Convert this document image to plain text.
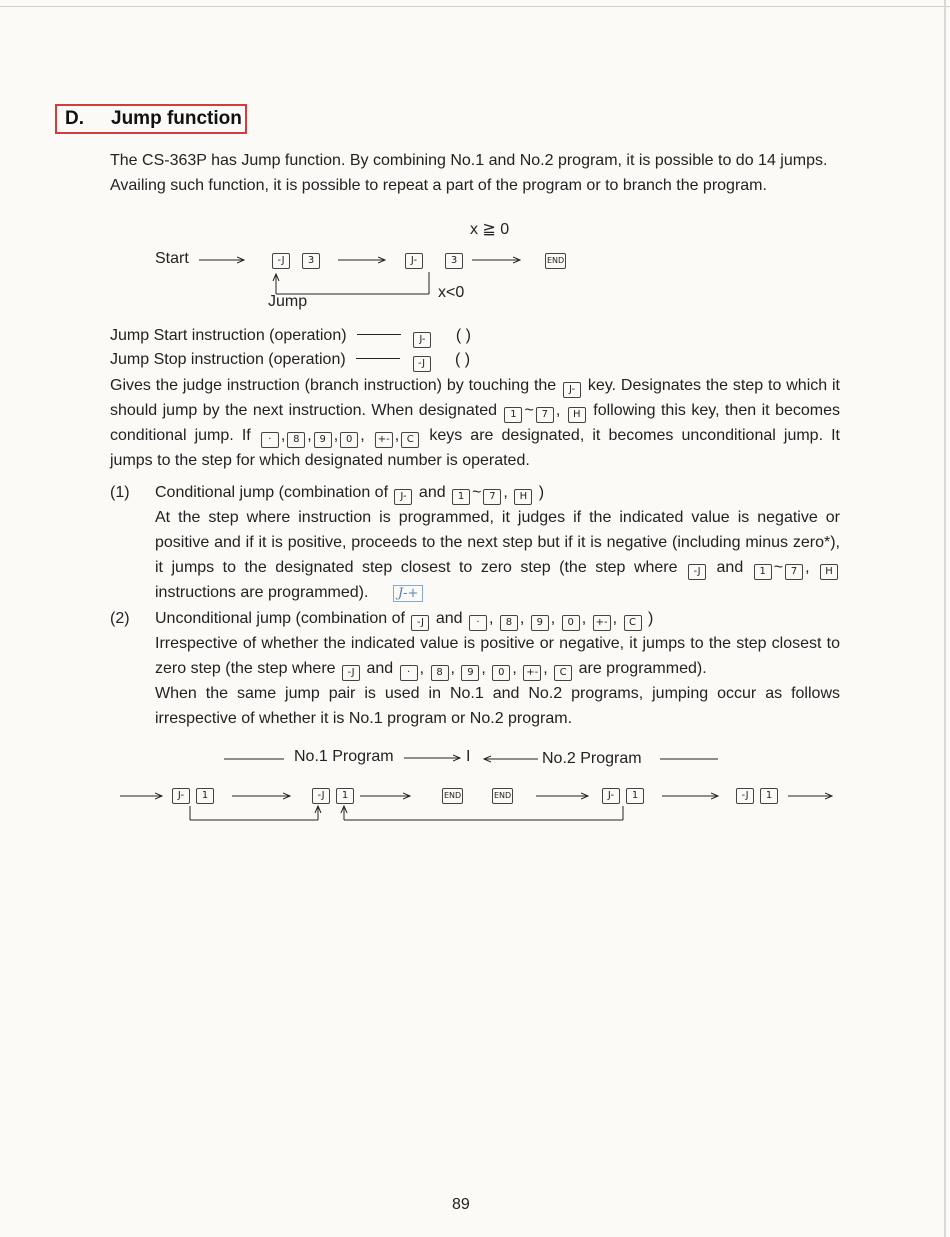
D. Jump function

The CS-363P has Jump function. By combining No.1 and No.2 program, it is possible to do 14 jumps. Availing such function, it is possible to repeat a part of the program or to branch the program.

x ≧ 0
Start	-J	3	J-	3	END
Jump
x<0
Jump Start instruction (operation)	J- ( )
Jump Stop instruction (operation)	-J ( )

Gives the judge instruction (branch instruction) by touching the J- key. Designates the step to which it should jump by the next instruction. When designated 1 ~ 7 , H following this key, then it becomes conditional jump. If · , 8 , 9 , 0 , +- , C keys are designated, it becomes unconditional jump. It jumps to the step for which designated number is operated.

(1) Conditional jump (combination of J- and 1 ~ 7 , H )
At the step where instruction is programmed, it judges if the indicated value is negative or positive and if it is positive, proceeds to the next step but if it is negative (including minus zero*), it jumps to the designated step closest to zero step (the step where -J and 1 ~ 7 , H instructions are programmed). J-+
(2) Unconditional jump (combination of -J and · , 8 , 9 , 0 , +- , C )
Irrespective of whether the indicated value is positive or negative, it jumps to the step closest to zero step (the step where -J and · , 8 , 9 , 0 , +- , C are programmed).
When the same jump pair is used in No.1 and No.2 programs, jumping occur as follows irrespective of whether it is No.1 program or No.2 program.
No.1 Program	I	No.2 Program
J-	1	-J	1	END	END	J-	1	-J	1
89
